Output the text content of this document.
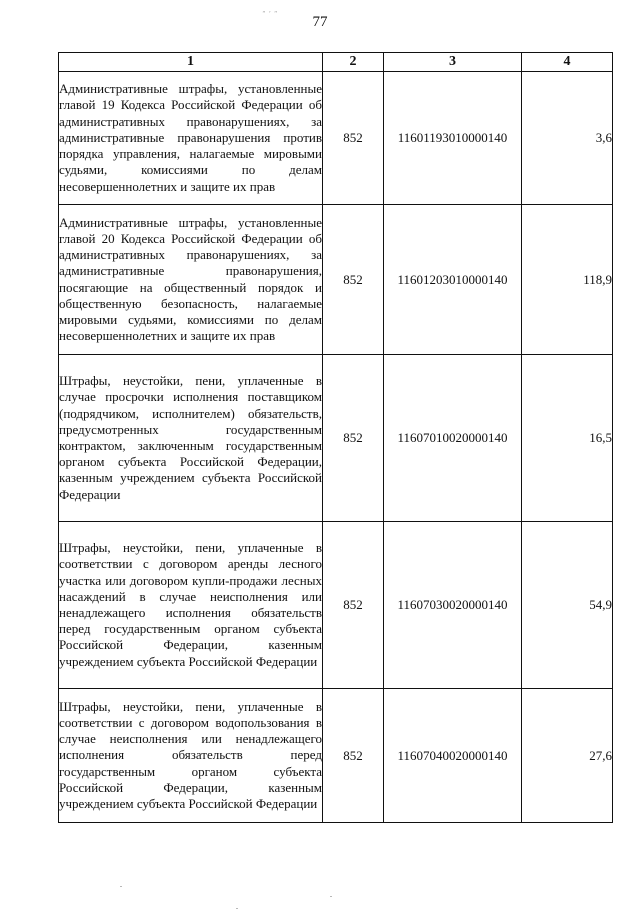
" ' "	77
1	2	3	4
Административные штрафы, установленные главой 19 Кодекса Российской Федерации об административных правонарушениях, за административные правонарушения против порядка управления, налагаемые мировыми судьями, комиссиями по делам несовершеннолетних и защите их прав	852	11601193010000140	3,6
Административные штрафы, установленные главой 20 Кодекса Российской Федерации об административных правонарушениях, за административные правонарушения, посягающие на общественный порядок и общественную безопасность, налагаемые мировыми судьями, комиссиями по делам несовершеннолетних и защите их прав	852	11601203010000140	118,9
Штрафы, неустойки, пени, уплаченные в случае просрочки исполнения поставщиком (подрядчиком, исполнителем) обязательств, предусмотренных государственным контрактом, заключенным государственным органом субъекта Российской Федерации, казенным учреждением субъекта Российской Федерации	852	11607010020000140	16,5
Штрафы, неустойки, пени, уплаченные в соответствии с договором аренды лесного участка или договором купли-продажи лесных насаждений в случае неисполнения или ненадлежащего исполнения обязательств перед государственным органом субъекта Российской Федерации, казенным учреждением субъекта Российской Федерации	852	11607030020000140	54,9
Штрафы, неустойки, пени, уплаченные в соответствии с договором водопользования в случае неисполнения или ненадлежащего исполнения обязательств перед государственным органом субъекта Российской Федерации, казенным учреждением субъекта Российской Федерации	852	11607040020000140	27,6
